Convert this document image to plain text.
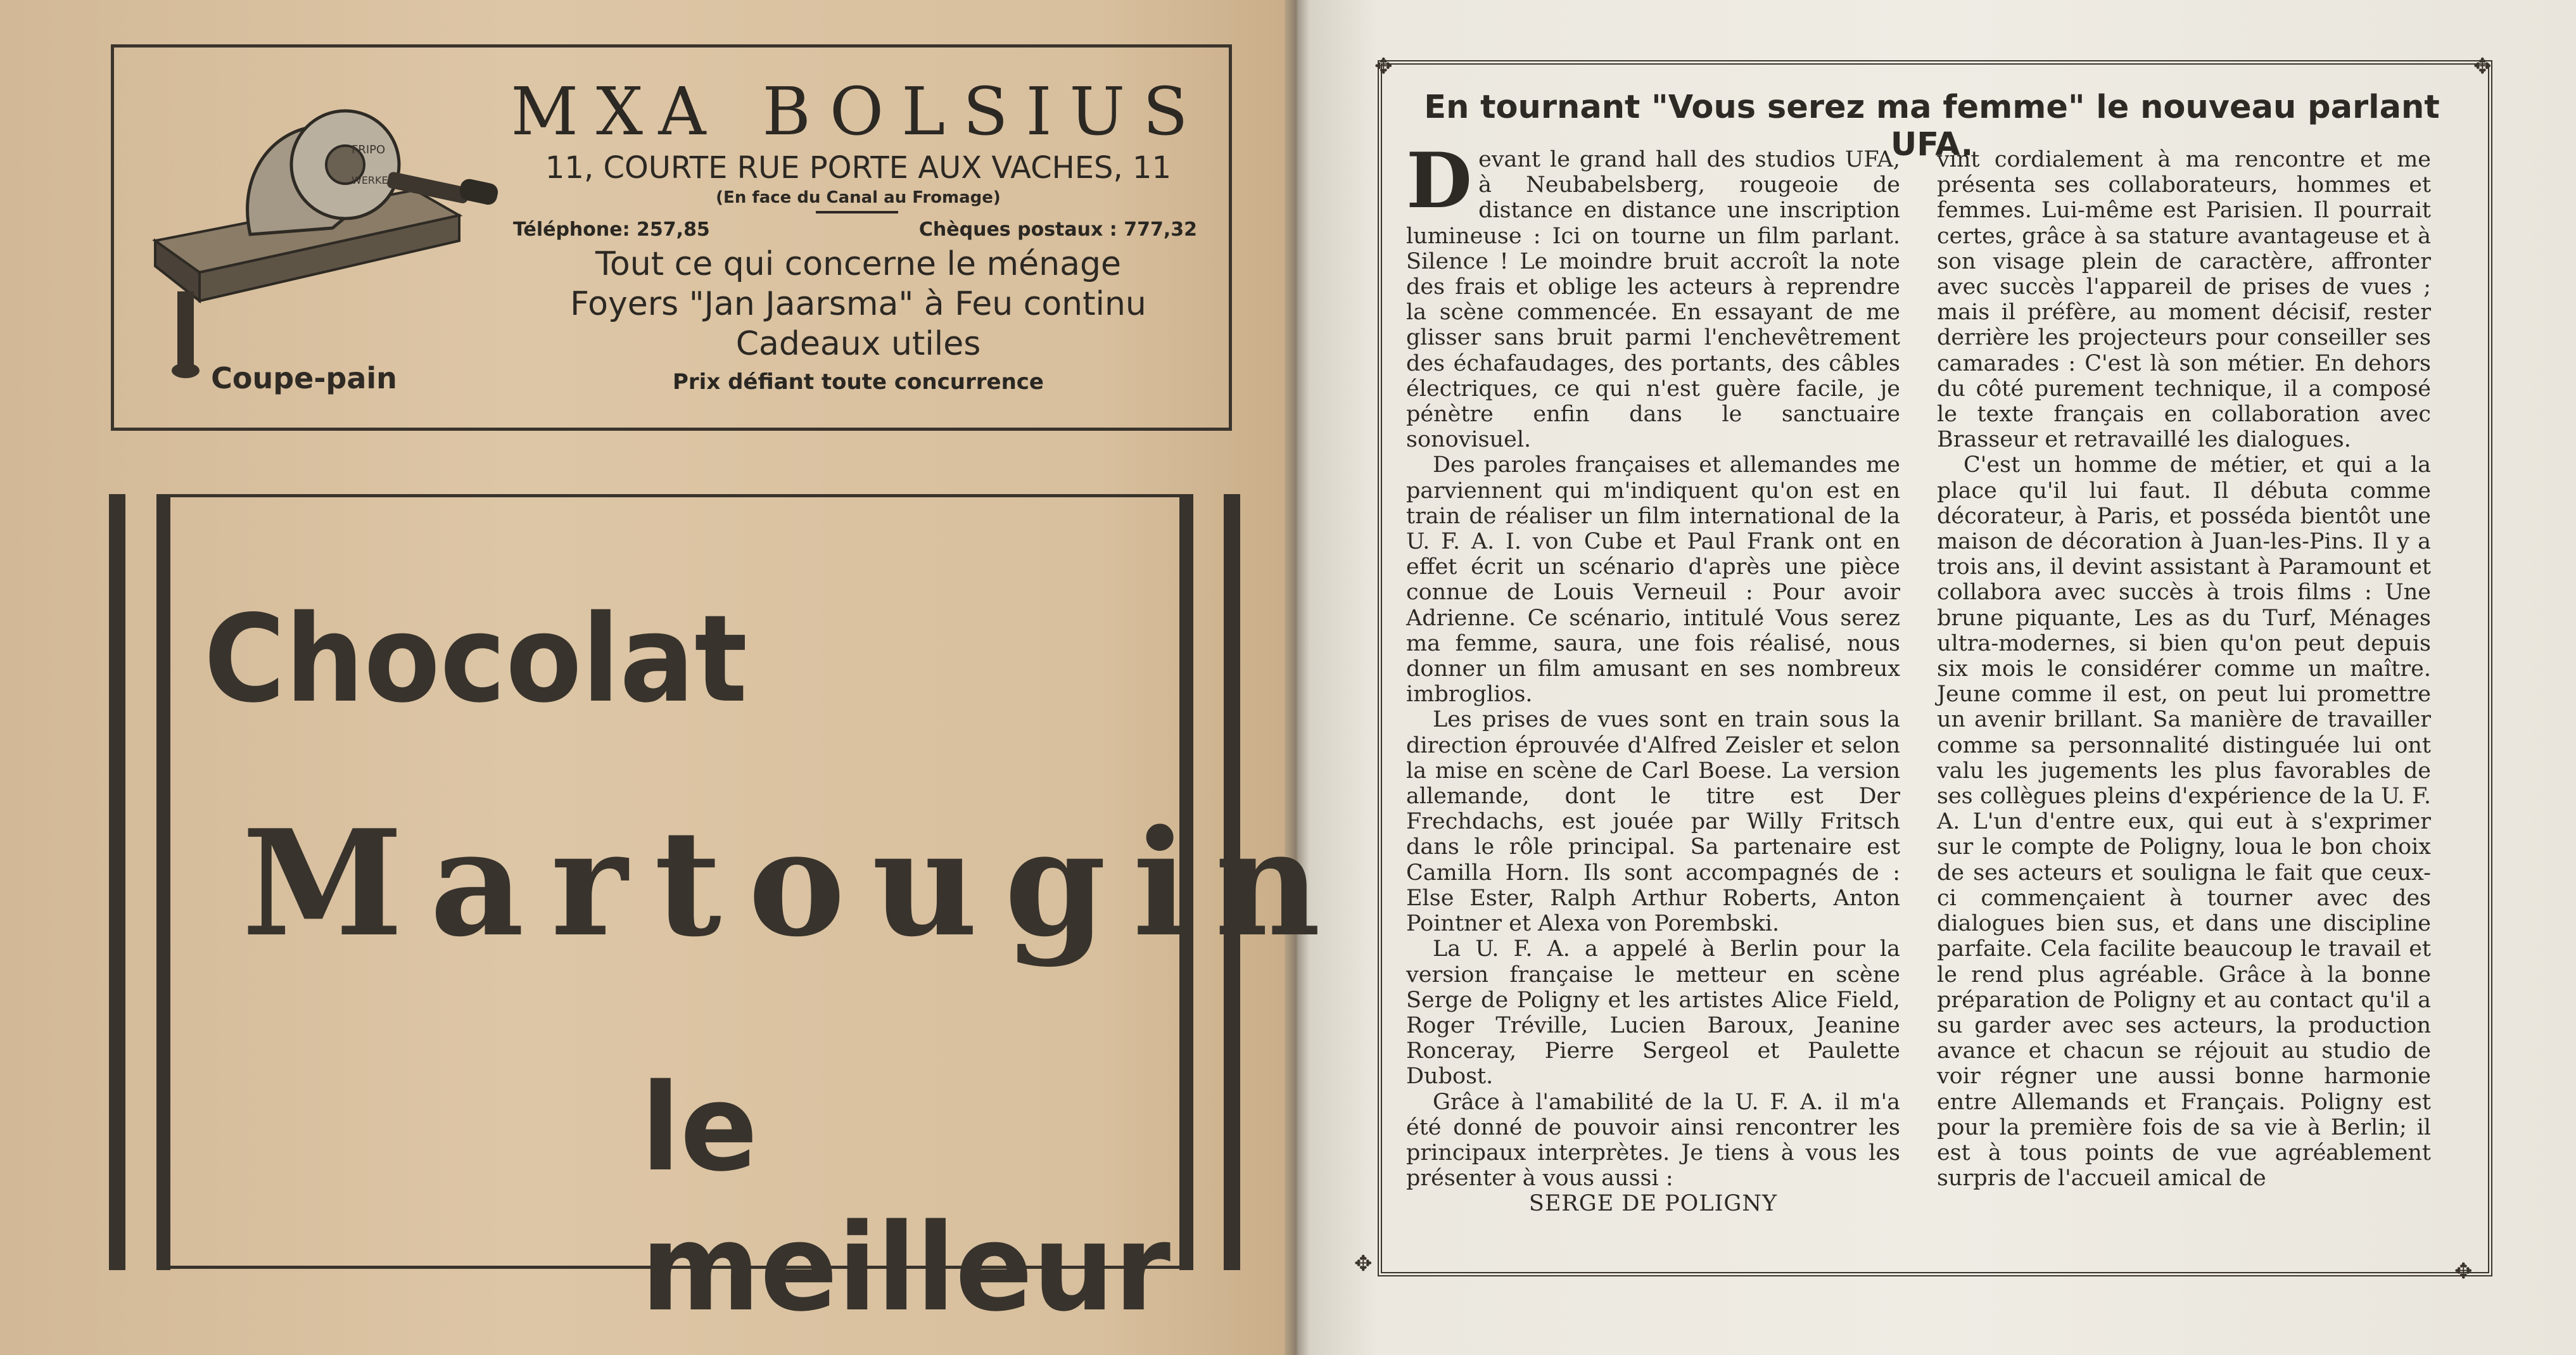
FRIPO
WERKE
Coupe-pain
MXA BOLSIUS
11, COURTE RUE PORTE AUX VACHES, 11
(En face du Canal au Fromage)
Téléphone: 257,85	Chèques postaux : 777,32
Tout ce qui concerne le ménage
Foyers "Jan Jaarsma" à Feu continu
Cadeaux utiles
Prix défiant toute concurrence
Chocolat
Martougin
le meilleur
✥	✥
✥	✥
En tournant "Vous serez ma femme" le nouveau parlant UFA.
D evant le grand hall des studios UFA, à Neubabelsberg, rougeoie de distance en distance une inscription lumineuse : Ici on tourne un film parlant. Silence ! Le moindre bruit accroît la note des frais et oblige les acteurs à reprendre la scène commencée. En essayant de me glisser sans bruit parmi l'enchevêtrement des échafaudages, des portants, des câbles électriques, ce qui n'est guère facile, je pénètre enfin dans le sanctuaire sonovisuel.

Des paroles françaises et allemandes me parviennent qui m'indiquent qu'on est en train de réaliser un film international de la U. F. A. I. von Cube et Paul Frank ont en effet écrit un scénario d'après une pièce connue de Louis Verneuil : Pour avoir Adrienne. Ce scénario, intitulé Vous serez ma femme, saura, une fois réalisé, nous donner un film amusant en ses nombreux imbroglios.

Les prises de vues sont en train sous la direction éprouvée d'Alfred Zeisler et selon la mise en scène de Carl Boese. La version allemande, dont le titre est Der Frechdachs, est jouée par Willy Fritsch dans le rôle principal. Sa partenaire est Camilla Horn. Ils sont accompagnés de : Else Ester, Ralph Arthur Roberts, Anton Pointner et Alexa von Porembski.

La U. F. A. a appelé à Berlin pour la version française le metteur en scène Serge de Poligny et les artistes Alice Field, Roger Tréville, Lucien Baroux, Jeanine Ronceray, Pierre Sergeol et Paulette Dubost.

Grâce à l'amabilité de la U. F. A. il m'a été donné de pouvoir ainsi rencontrer les principaux interprètes. Je tiens à vous les présenter à vous aussi :

SERGE DE POLIGNY

vint cordialement à ma rencontre et me présenta ses collaborateurs, hommes et femmes. Lui-même est Parisien. Il pourrait certes, grâce à sa stature avantageuse et à son visage plein de caractère, affronter avec succès l'appareil de prises de vues ; mais il préfère, au moment décisif, rester derrière les projecteurs pour conseiller ses camarades : C'est là son métier. En dehors du côté purement technique, il a composé le texte français en collaboration avec Brasseur et retravaillé les dialogues.

C'est un homme de métier, et qui a la place qu'il lui faut. Il débuta comme décorateur, à Paris, et posséda bientôt une maison de décoration à Juan-les-Pins. Il y a trois ans, il devint assistant à Paramount et collabora avec succès à trois films : Une brune piquante, Les as du Turf, Ménages ultra-modernes, si bien qu'on peut depuis six mois le considérer comme un maître. Jeune comme il est, on peut lui promettre un avenir brillant. Sa manière de travailler comme sa personnalité distinguée lui ont valu les jugements les plus favorables de ses collègues pleins d'expérience de la U. F. A. L'un d'entre eux, qui eut à s'exprimer sur le compte de Poligny, loua le bon choix de ses acteurs et souligna le fait que ceux-ci commençaient à tourner avec des dialogues bien sus, et dans une discipline parfaite. Cela facilite beaucoup le travail et le rend plus agréable. Grâce à la bonne préparation de Poligny et au contact qu'il a su garder avec ses acteurs, la production avance et chacun se réjouit au studio de voir régner une aussi bonne harmonie entre Allemands et Français. Poligny est pour la première fois de sa vie à Berlin; il est à tous points de vue agréablement surpris de l'accueil amical de
